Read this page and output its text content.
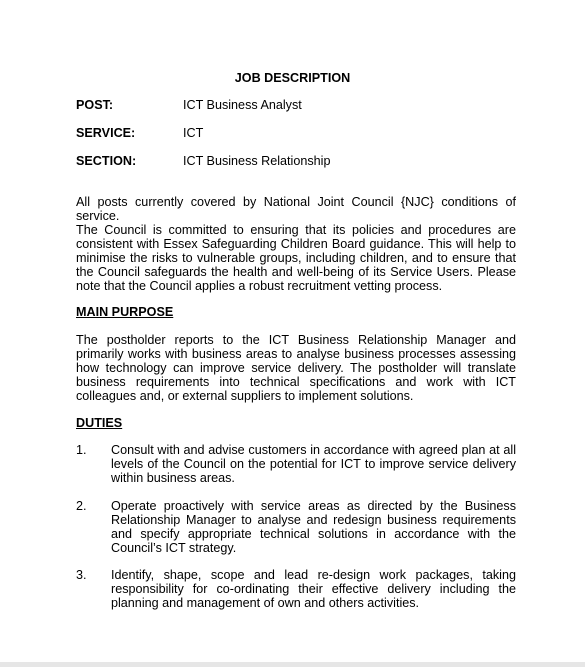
JOB DESCRIPTION
POST:	ICT Business Analyst
SERVICE:	ICT
SECTION:	ICT Business Relationship

All posts currently covered by National Joint Council {NJC} conditions of service.

The Council is committed to ensuring that its policies and procedures are consistent with Essex Safeguarding Children Board guidance. This will help to minimise the risks to vulnerable groups, including children, and to ensure that the Council safeguards the health and well-being of its Service Users. Please note that the Council applies a robust recruitment vetting process.

MAIN PURPOSE

The postholder reports to the ICT Business Relationship Manager and primarily works with business areas to analyse business processes assessing how technology can improve service delivery. The postholder will translate business requirements into technical specifications and work with ICT colleagues and, or external suppliers to implement solutions.

DUTIES
1.	Consult with and advise customers in accordance with agreed plan at all levels of the Council on the potential for ICT to improve service delivery within business areas.
2.	Operate proactively with service areas as directed by the Business Relationship Manager to analyse and redesign business requirements and specify appropriate technical solutions in accordance with the Council’s ICT strategy.
3.	Identify, shape, scope and lead re-design work packages, taking responsibility for co-ordinating their effective delivery including the planning and management of own and others activities.
